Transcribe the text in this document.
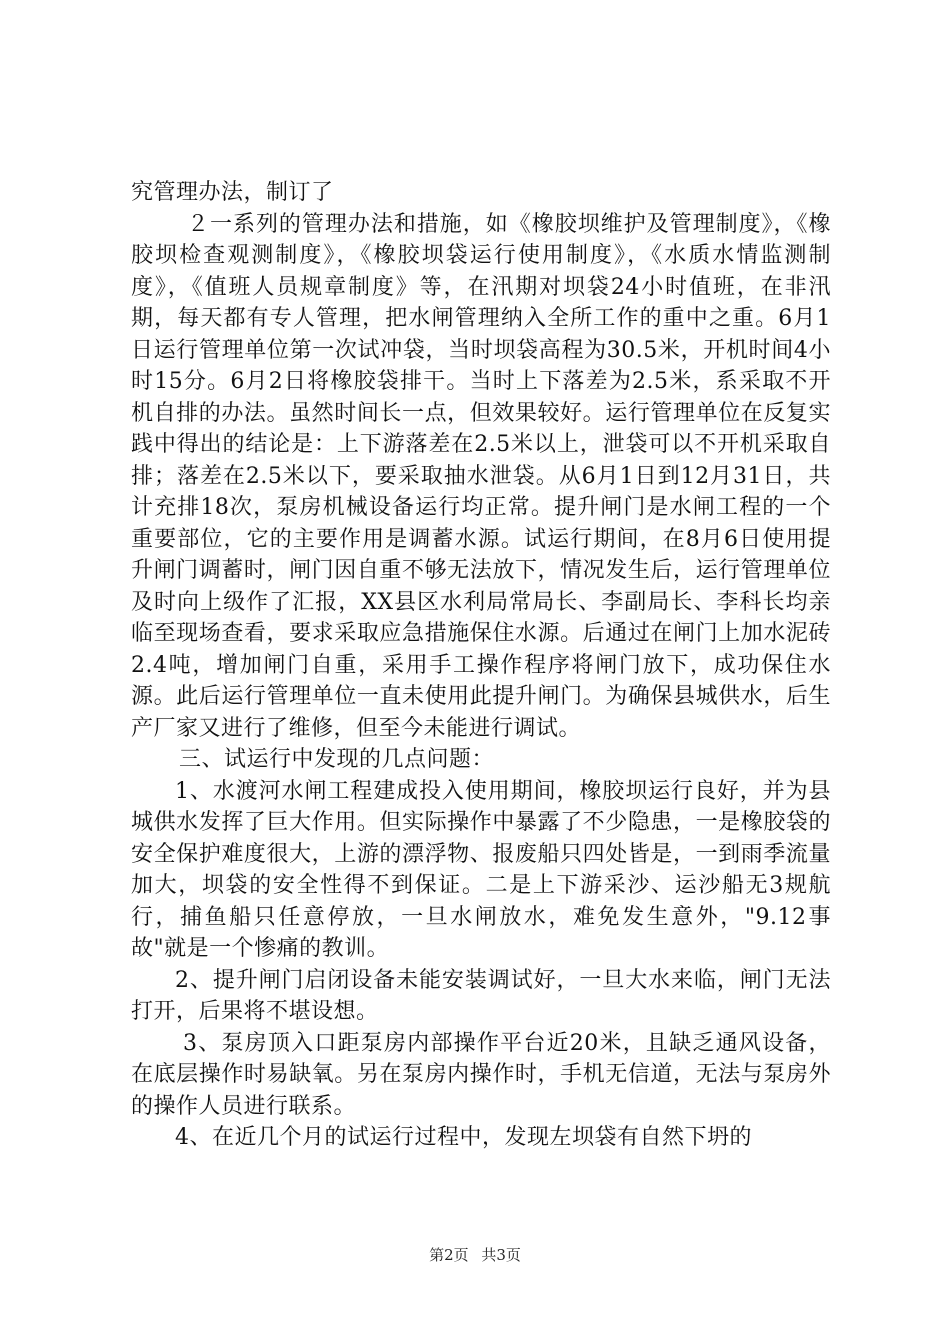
究管理办法，制订了

２一系列的管理办法和措施，如《橡胶坝维护及管理制度》，《橡胶坝检查观测制度》，《橡胶坝袋运行使用制度》，《水质水情监测制度》，《值班人员规章制度》等，在汛期对坝袋24小时值班，在非汛期，每天都有专人管理，把水闸管理纳入全所工作的重中之重。6月1日运行管理单位第一次试冲袋，当时坝袋高程为30.5米，开机时间4小时15分。6月2日将橡胶袋排干。当时上下落差为2.5米，系采取不开机自排的办法。虽然时间长一点，但效果较好。运行管理单位在反复实践中得出的结论是：上下游落差在2.5米以上，泄袋可以不开机采取自排；落差在2.5米以下，要采取抽水泄袋。从6月1日到12月31日，共计充排18次，泵房机械设备运行均正常。提升闸门是水闸工程的一个重要部位，它的主要作用是调蓄水源。试运行期间，在8月6日使用提升闸门调蓄时，闸门因自重不够无法放下，情况发生后，运行管理单位及时向上级作了汇报，XX县区水利局常局长、李副局长、李科长均亲临至现场查看，要求采取应急措施保住水源。后通过在闸门上加水泥砖2.4吨，增加闸门自重，采用手工操作程序将闸门放下，成功保住水源。此后运行管理单位一直未使用此提升闸门。为确保县城供水，后生产厂家又进行了维修，但至今未能进行调试。

三、试运行中发现的几点问题：

1、水渡河水闸工程建成投入使用期间，橡胶坝运行良好，并为县城供水发挥了巨大作用。但实际操作中暴露了不少隐患，一是橡胶袋的安全保护难度很大，上游的漂浮物、报废船只四处皆是，一到雨季流量加大，坝袋的安全性得不到保证。二是上下游采沙、运沙船无3规航行，捕鱼船只任意停放，一旦水闸放水，难免发生意外，"9.12事故"就是一个惨痛的教训。

2、提升闸门启闭设备未能安装调试好，一旦大水来临，闸门无法打开，后果将不堪设想。

3、泵房顶入口距泵房内部操作平台近20米，且缺乏通风设备，在底层操作时易缺氧。另在泵房内操作时，手机无信道，无法与泵房外的操作人员进行联系。

4、在近几个月的试运行过程中，发现左坝袋有自然下坍的

第2页 共3页
